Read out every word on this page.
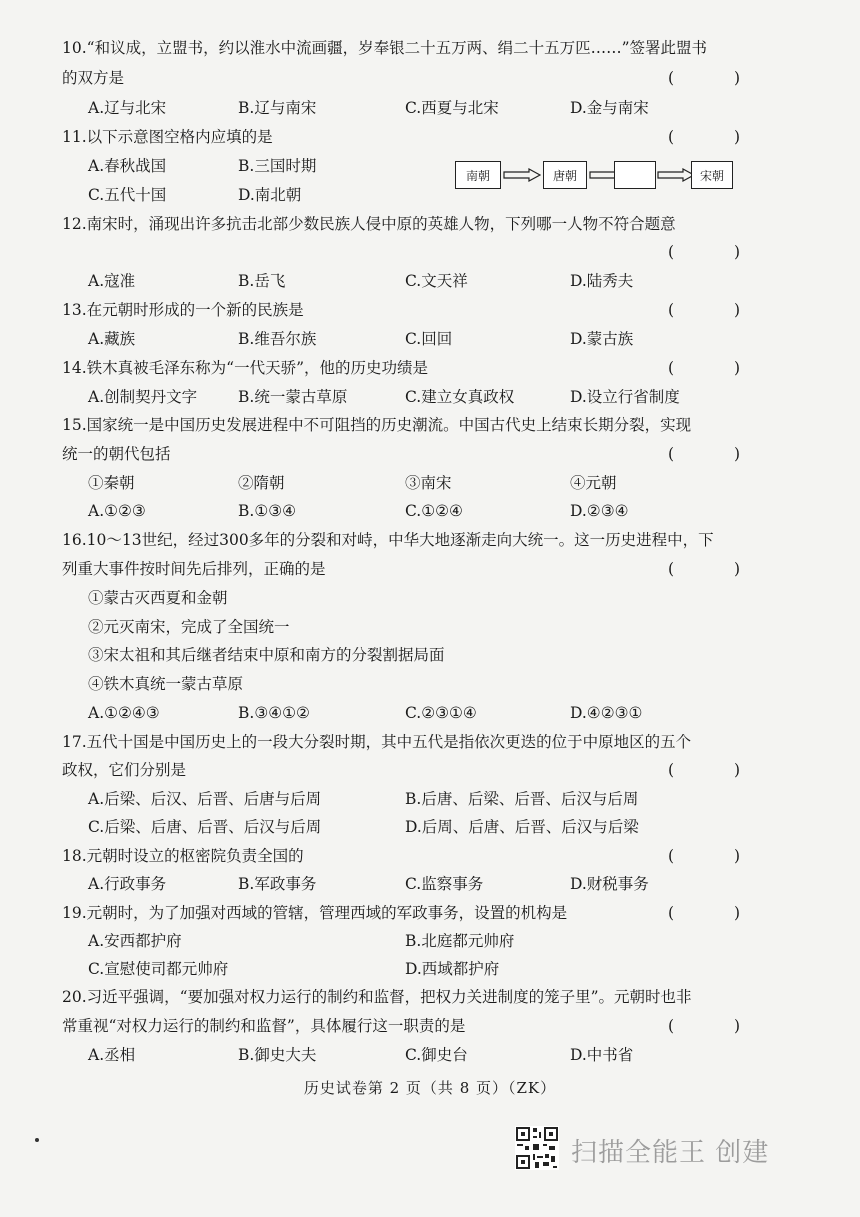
10.“和议成，立盟书，约以淮水中流画疆，岁奉银二十五万两、绢二十五万匹……”签署此盟书
的双方是	(	)
A.辽与北宋	B.辽与南宋	C.西夏与北宋	D.金与南宋
11.以下示意图空格内应填的是	(	)
A.春秋战国	B.三国时期
C.五代十国	D.南北朝
南朝	唐朝	宋朝
12.南宋时，涌现出许多抗击北部少数民族人侵中原的英雄人物，下列哪一人物不符合题意
(	)
A.寇准	B.岳飞	C.文天祥	D.陆秀夫
13.在元朝时形成的一个新的民族是	(	)
A.藏族	B.维吾尔族	C.回回	D.蒙古族
14.铁木真被毛泽东称为“一代天骄”，他的历史功绩是	(	)
A.创制契丹文字	B.统一蒙古草原	C.建立女真政权	D.设立行省制度
15.国家统一是中国历史发展进程中不可阻挡的历史潮流。中国古代史上结束长期分裂，实现
统一的朝代包括	(	)
①秦朝	②隋朝	③南宋	④元朝
A.①②③	B.①③④	C.①②④	D.②③④
16.10～13世纪，经过300多年的分裂和对峙，中华大地逐渐走向大统一。这一历史进程中，下
列重大事件按时间先后排列，正确的是	(	)
①蒙古灭西夏和金朝
②元灭南宋，完成了全国统一
③宋太祖和其后继者结束中原和南方的分裂割据局面
④铁木真统一蒙古草原
A.①②④③	B.③④①②	C.②③①④	D.④②③①
17.五代十国是中国历史上的一段大分裂时期，其中五代是指依次更迭的位于中原地区的五个
政权，它们分别是	(	)
A.后梁、后汉、后晋、后唐与后周	B.后唐、后梁、后晋、后汉与后周
C.后梁、后唐、后晋、后汉与后周	D.后周、后唐、后晋、后汉与后梁
18.元朝时设立的枢密院负责全国的	(	)
A.行政事务	B.军政事务	C.监察事务	D.财税事务
19.元朝时，为了加强对西域的管辖，管理西域的军政事务，设置的机构是	(	)
A.安西都护府	B.北庭都元帅府
C.宣慰使司都元帅府	D.西域都护府
20.习近平强调，“要加强对权力运行的制约和监督，把权力关进制度的笼子里”。元朝时也非
常重视“对权力运行的制约和监督”，具体履行这一职责的是	(	)
A.丞相	B.御史大夫	C.御史台	D.中书省
历史试卷第 2 页（共 8 页）（ZK）
扫描全能王 创建
